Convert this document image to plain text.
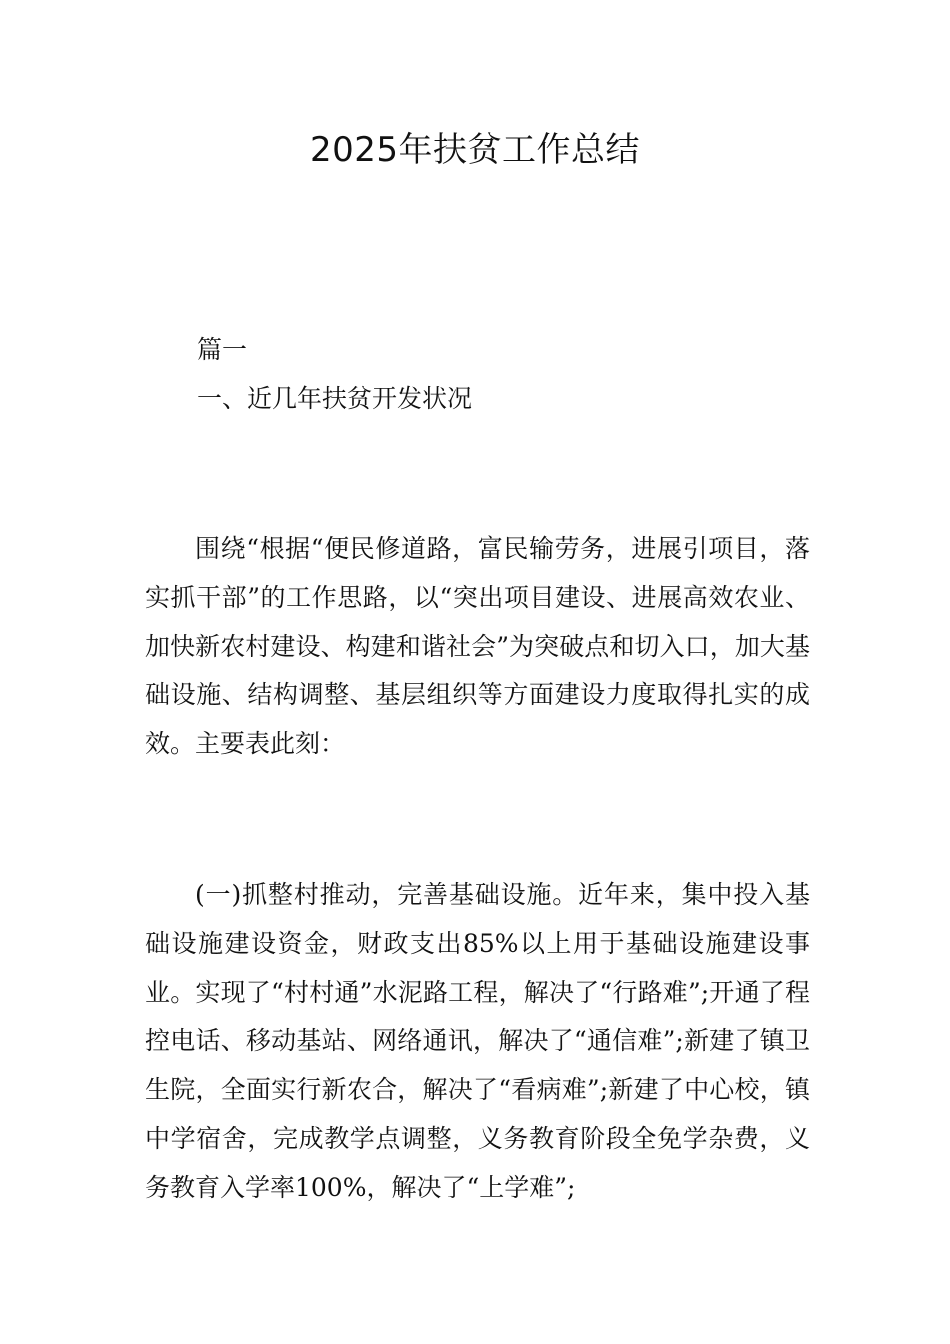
2025年扶贫工作总结
篇一
一、近几年扶贫开发状况
围绕“根据“便民修道路，富民输劳务，进展引项目，落实抓干部”的工作思路，以“突出项目建设、进展高效农业、加快新农村建设、构建和谐社会”为突破点和切入口，加大基础设施、结构调整、基层组织等方面建设力度取得扎实的成效。主要表此刻：
(一)抓整村推动，完善基础设施。近年来，集中投入基础设施建设资金，财政支出85%以上用于基础设施建设事业。实现了“村村通”水泥路工程，解决了“行路难”;开通了程控电话、移动基站、网络通讯，解决了“通信难”;新建了镇卫生院，全面实行新农合，解决了“看病难”;新建了中心校，镇中学宿舍，完成教学点调整，义务教育阶段全免学杂费，义务教育入学率100%，解决了“上学难”;
